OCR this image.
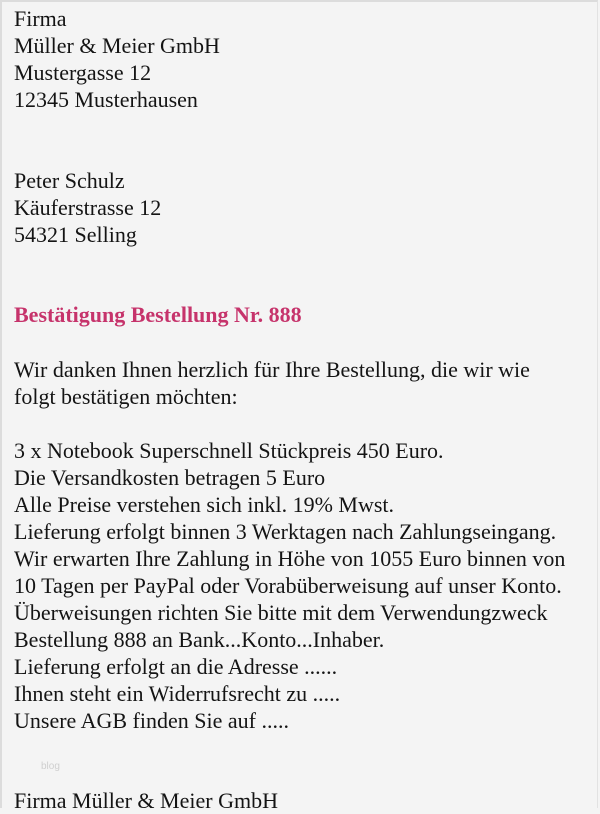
Firma
Müller & Meier GmbH
Mustergasse 12
12345 Musterhausen
Peter Schulz
Käuferstrasse 12
54321 Selling
Bestätigung Bestellung Nr. 888
Wir danken Ihnen herzlich für Ihre Bestellung, die wir wie
folgt bestätigen möchten:
3 x Notebook Superschnell Stückpreis 450 Euro.
Die Versandkosten betragen 5 Euro
Alle Preise verstehen sich inkl. 19% Mwst.
Lieferung erfolgt binnen 3 Werktagen nach Zahlungseingang.
Wir erwarten Ihre Zahlung in Höhe von 1055 Euro binnen von
10 Tagen per PayPal oder Vorabüberweisung auf unser Konto.
Überweisungen richten Sie bitte mit dem Verwendungzweck
Bestellung 888 an Bank...Konto...Inhaber.
Lieferung erfolgt an die Adresse ......
Ihnen steht ein Widerrufsrecht zu .....
Unsere AGB finden Sie auf .....
blog
Firma Müller & Meier GmbH
